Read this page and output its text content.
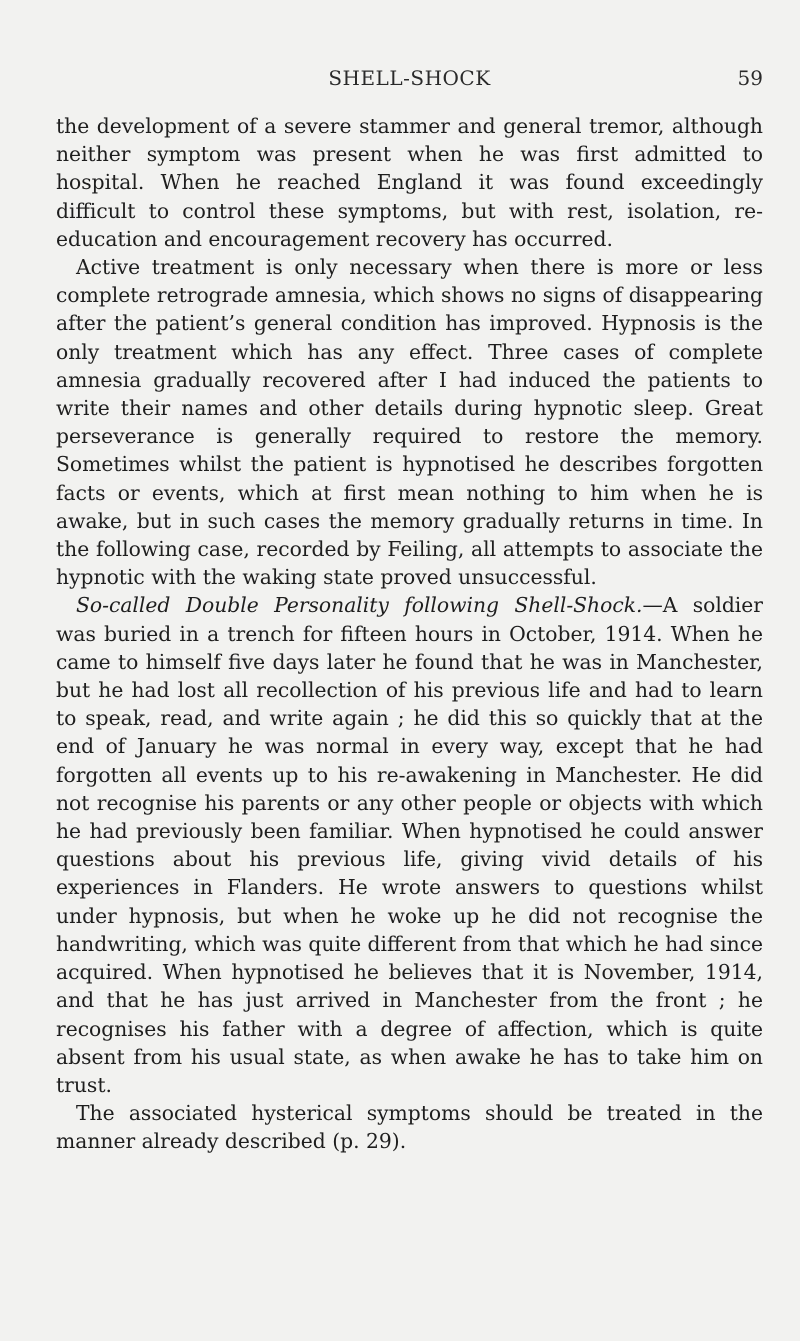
SHELL-SHOCK	59

the development of a severe stammer and general tremor, although neither symptom was present when he was first admitted to hospital. When he reached England it was found exceedingly difficult to control these symptoms, but with rest, isolation, re-education and encouragement recovery has occurred.

Active treatment is only necessary when there is more or less complete retrograde amnesia, which shows no signs of disappearing after the patient’s general condition has improved. Hypnosis is the only treatment which has any effect. Three cases of complete amnesia gradually recovered after I had induced the patients to write their names and other details during hypnotic sleep. Great perseverance is generally required to restore the memory. Sometimes whilst the patient is hypnotised he describes forgotten facts or events, which at first mean nothing to him when he is awake, but in such cases the memory gradually returns in time. In the following case, recorded by Feiling, all attempts to associate the hypnotic with the waking state proved unsuccessful.

So-called Double Personality following Shell-Shock.—A soldier was buried in a trench for fifteen hours in October, 1914. When he came to himself five days later he found that he was in Manchester, but he had lost all recollection of his previous life and had to learn to speak, read, and write again ; he did this so quickly that at the end of January he was normal in every way, except that he had forgotten all events up to his re-awakening in Manchester. He did not recognise his parents or any other people or objects with which he had previously been familiar. When hypnotised he could answer questions about his previous life, giving vivid details of his experiences in Flanders. He wrote answers to questions whilst under hypnosis, but when he woke up he did not recognise the handwriting, which was quite different from that which he had since acquired. When hypnotised he believes that it is November, 1914, and that he has just arrived in Manchester from the front ; he recognises his father with a degree of affection, which is quite absent from his usual state, as when awake he has to take him on trust.

The associated hysterical symptoms should be treated in the manner already described (p. 29).
